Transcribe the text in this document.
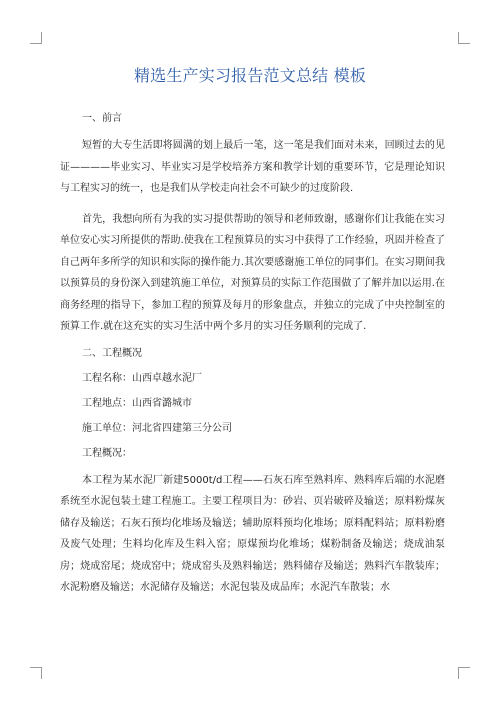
精选生产实习报告范文总结 模板
一、前言

短暂的大专生活即将圆满的划上最后一笔，这一笔是我们面对未来，回顾过去的见证————毕业实习、毕业实习是学校培养方案和教学计划的重要环节，它是理论知识与工程实习的统一，也是我们从学校走向社会不可缺少的过度阶段.

首先，我想向所有为我的实习提供帮助的领导和老师致谢，感谢你们让我能在实习单位安心实习所提供的帮助.使我在工程预算员的实习中获得了工作经验，巩固并检查了自己两年多所学的知识和实际的操作能力.其次要感谢施工单位的同事们。在实习期间我以预算员的身份深入到建筑施工单位，对预算员的实际工作范围做了了解并加以运用.在商务经理的指导下，参加工程的预算及每月的形象盘点，并独立的完成了中央控制室的预算工作.就在这充实的实习生活中两个多月的实习任务顺利的完成了.

二、工程概况
工程名称：山西卓越水泥厂
工程地点：山西省潞城市
施工单位：河北省四建第三分公司
工程概况：

本工程为某水泥厂新建5000t/d工程——石灰石库至熟料库、熟料库后端的水泥磨系统至水泥包装土建工程施工。主要工程项目为：砂岩、页岩破碎及输送；原料粉煤灰储存及输送；石灰石预均化堆场及输送；辅助原料预均化堆场；原料配料站；原料粉磨及废气处理；生料均化库及生料入窑；原煤预均化堆场；煤粉制备及输送；烧成油泵房；烧成窑尾；烧成窑中；烧成窑头及熟料输送；熟料储存及输送；熟料汽车散装库；水泥粉磨及输送；水泥储存及输送；水泥包装及成品库；水泥汽车散装；水
